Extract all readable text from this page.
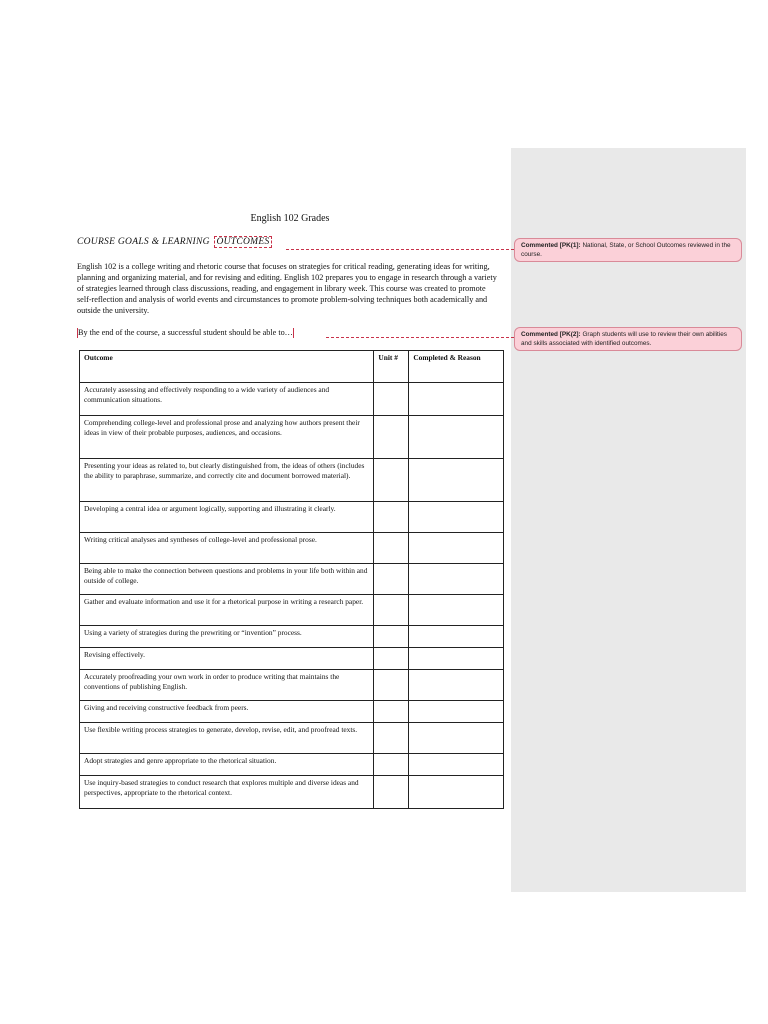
English 102 Grades
COURSE GOALS & LEARNING OUTCOMES
English 102 is a college writing and rhetoric course that focuses on strategies for critical reading, generating ideas for writing, planning and organizing material, and for revising and editing. English 102 prepares you to engage in research through a variety of strategies learned through class discussions, reading, and engagement in library week. This course was created to promote self-reflection and analysis of world events and circumstances to promote problem-solving techniques both academically and outside the university.
By the end of the course, a successful student should be able to…
Commented [PK(1]: National, State, or School Outcomes reviewed in the course.
Commented [PK(2]: Graph students will use to review their own abilities and skills associated with identified outcomes.
Outcome	Unit #	Completed & Reason
Accurately assessing and effectively responding to a wide variety of audiences and communication situations.		
Comprehending college-level and professional prose and analyzing how authors present their ideas in view of their probable purposes, audiences, and occasions.		
Presenting your ideas as related to, but clearly distinguished from, the ideas of others (includes the ability to paraphrase, summarize, and correctly cite and document borrowed material).		
Developing a central idea or argument logically, supporting and illustrating it clearly.		
Writing critical analyses and syntheses of college-level and professional prose.		
Being able to make the connection between questions and problems in your life both within and outside of college.		
Gather and evaluate information and use it for a rhetorical purpose in writing a research paper.		
Using a variety of strategies during the prewriting or “invention” process.		
Revising effectively.		
Accurately proofreading your own work in order to produce writing that maintains the conventions of publishing English.		
Giving and receiving constructive feedback from peers.		
Use flexible writing process strategies to generate, develop, revise, edit, and proofread texts.		
Adopt strategies and genre appropriate to the rhetorical situation.		
Use inquiry-based strategies to conduct research that explores multiple and diverse ideas and perspectives, appropriate to the rhetorical context.		
